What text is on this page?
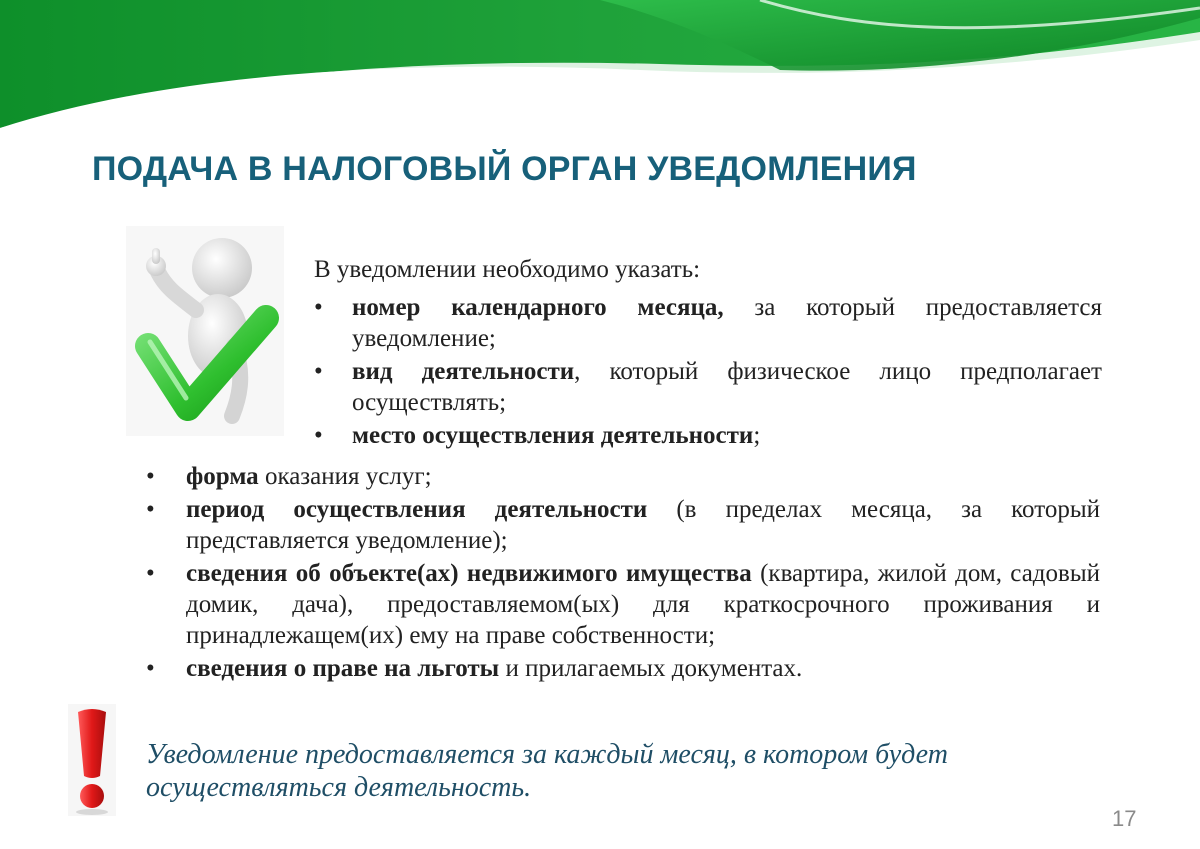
ПОДАЧА В НАЛОГОВЫЙ ОРГАН УВЕДОМЛЕНИЯ
В уведомлении необходимо указать:
•	номер календарного месяца, за который предоставляется уведомление;
•	вид деятельности, который физическое лицо предполагает осуществлять;
•	место осуществления деятельности;
•	форма оказания услуг;
•	период осуществления деятельности (в пределах месяца, за который представляется уведомление);
•	сведения об объекте(ах) недвижимого имущества (квартира, жилой дом, садовый домик, дача), предоставляемом(ых) для краткосрочного проживания и принадлежащем(их) ему на праве собственности;
•	сведения о праве на льготы и прилагаемых документах.
Уведомление предоставляется за каждый месяц, в котором будет осуществляться деятельность.
17
